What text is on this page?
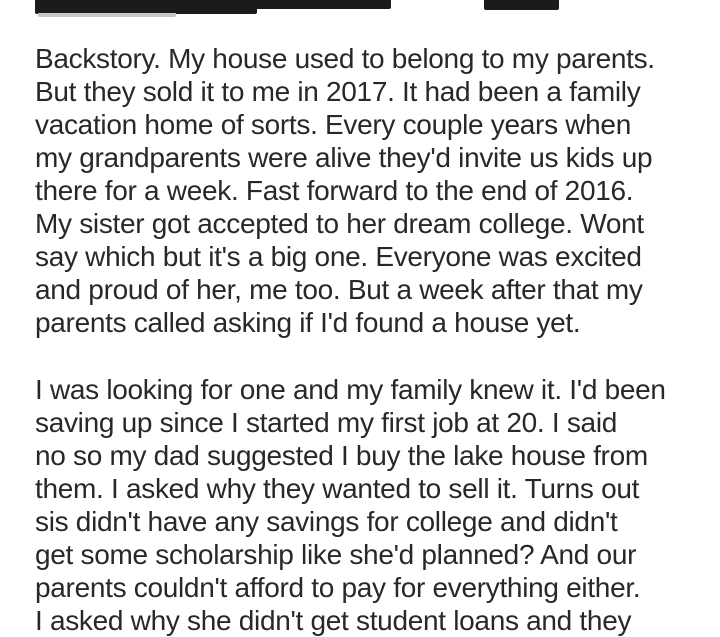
Backstory. My house used to belong to my parents.
But they sold it to me in 2017. It had been a family
vacation home of sorts. Every couple years when
my grandparents were alive they'd invite us kids up
there for a week. Fast forward to the end of 2016.
My sister got accepted to her dream college. Wont
say which but it's a big one. Everyone was excited
and proud of her, me too. But a week after that my
parents called asking if I'd found a house yet.
I was looking for one and my family knew it. I'd been
saving up since I started my first job at 20. I said
no so my dad suggested I buy the lake house from
them. I asked why they wanted to sell it. Turns out
sis didn't have any savings for college and didn't
get some scholarship like she'd planned? And our
parents couldn't afford to pay for everything either.
I asked why she didn't get student loans and they
